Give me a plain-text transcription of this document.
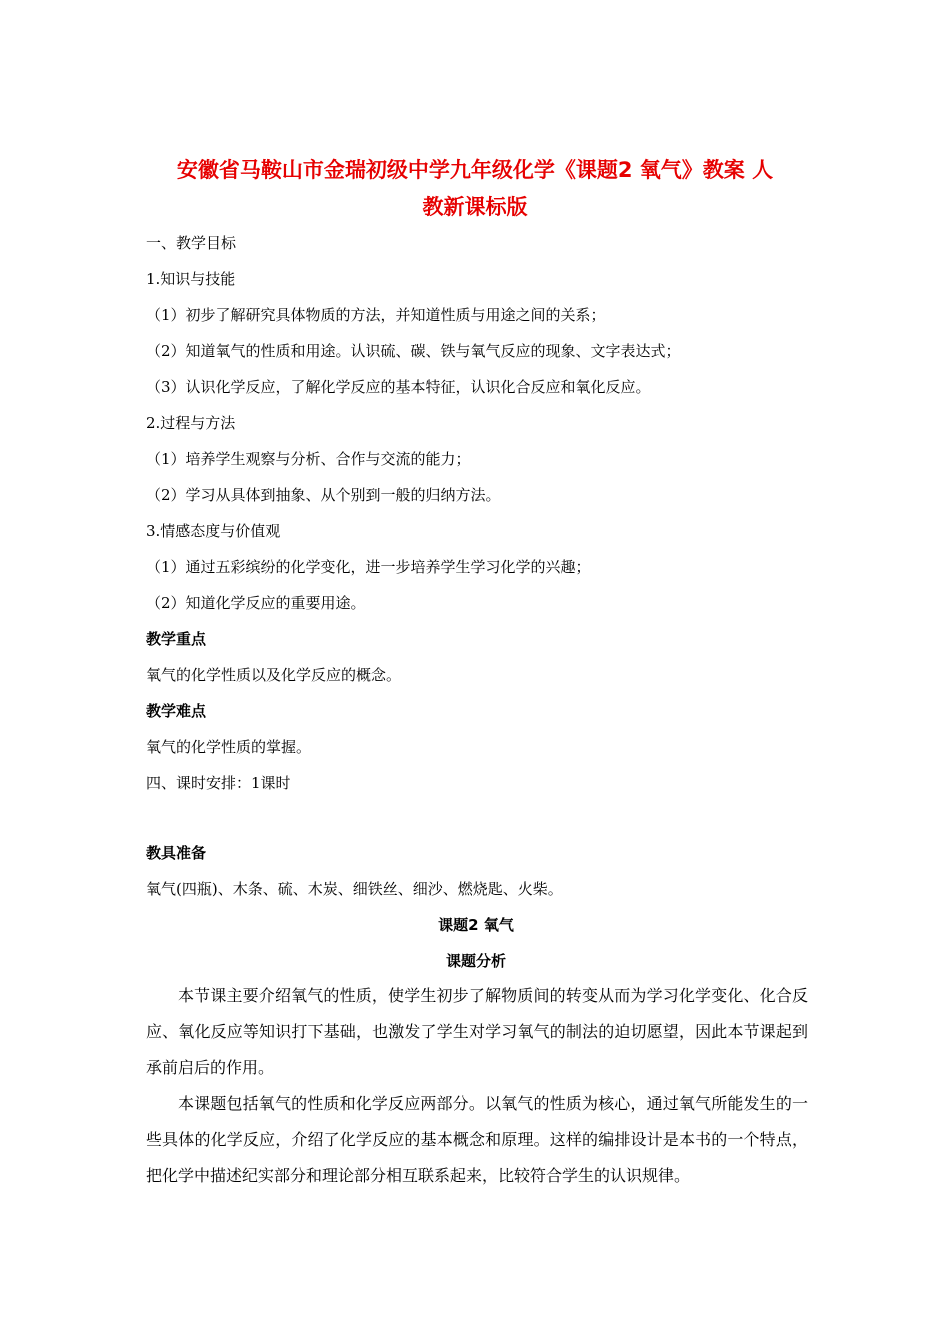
安徽省马鞍山市金瑞初级中学九年级化学《课题2 氧气》教案 人
教新课标版
一、教学目标
1.知识与技能
（1）初步了解研究具体物质的方法，并知道性质与用途之间的关系；
（2）知道氧气的性质和用途。认识硫、碳、铁与氧气反应的现象、文字表达式；
（3）认识化学反应，了解化学反应的基本特征，认识化合反应和氧化反应。
2.过程与方法
（1）培养学生观察与分析、合作与交流的能力；
（2）学习从具体到抽象、从个别到一般的归纳方法。
3.情感态度与价值观
（1）通过五彩缤纷的化学变化，进一步培养学生学习化学的兴趣；
（2）知道化学反应的重要用途。
教学重点
氧气的化学性质以及化学反应的概念。
教学难点
氧气的化学性质的掌握。
四、课时安排：1课时
教具准备
氧气(四瓶)、木条、硫、木炭、细铁丝、细沙、燃烧匙、火柴。
课题2 氧气
课题分析
本节课主要介绍氧气的性质，使学生初步了解物质间的转变从而为学习化学变化、化合反应、氧化反应等知识打下基础，也激发了学生对学习氧气的制法的迫切愿望，因此本节课起到承前启后的作用。
本课题包括氧气的性质和化学反应两部分。以氧气的性质为核心，通过氧气所能发生的一些具体的化学反应，介绍了化学反应的基本概念和原理。这样的编排设计是本书的一个特点，把化学中描述纪实部分和理论部分相互联系起来，比较符合学生的认识规律。
